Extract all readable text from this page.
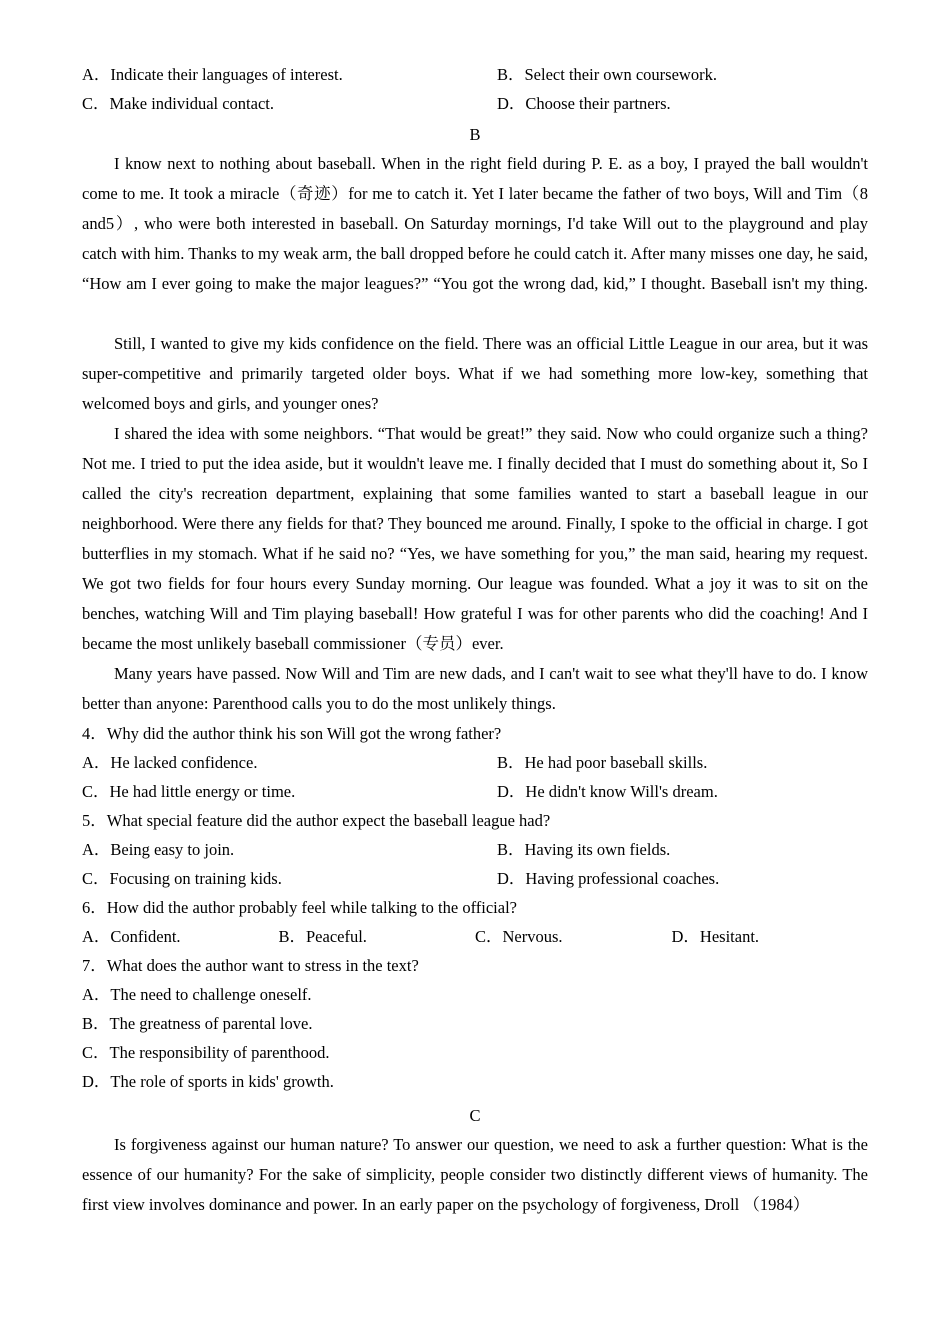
A．Indicate their languages of interest.	B．Select their own coursework.
C．Make individual contact.	D．Choose their partners.
B

I know next to nothing about baseball. When in the right field during P. E. as a boy, I prayed the ball wouldn't come to me. It took a miracle（奇迹）for me to catch it. Yet I later became the father of two boys, Will and Tim（8 and5）, who were both interested in baseball. On Saturday mornings, I'd take Will out to the playground and play catch with him. Thanks to my weak arm, the ball dropped before he could catch it. After many misses one day, he said, “How am I ever going to make the major leagues?” “You got the wrong dad, kid,” I thought. Baseball isn't my thing.

Still, I wanted to give my kids confidence on the field. There was an official Little League in our area, but it was super-competitive and primarily targeted older boys. What if we had something more low-key, something that welcomed boys and girls, and younger ones?

I shared the idea with some neighbors. “That would be great!” they said. Now who could organize such a thing? Not me. I tried to put the idea aside, but it wouldn't leave me. I finally decided that I must do something about it, So I called the city's recreation department, explaining that some families wanted to start a baseball league in our neighborhood. Were there any fields for that? They bounced me around. Finally, I spoke to the official in charge. I got butterflies in my stomach. What if he said no? “Yes, we have something for you,” the man said, hearing my request. We got two fields for four hours every Sunday morning. Our league was founded. What a joy it was to sit on the benches, watching Will and Tim playing baseball! How grateful I was for other parents who did the coaching! And I became the most unlikely baseball commissioner（专员）ever.

Many years have passed. Now Will and Tim are new dads, and I can't wait to see what they'll have to do. I know better than anyone: Parenthood calls you to do the most unlikely things.

4．Why did the author think his son Will got the wrong father?
A．He lacked confidence.	B．He had poor baseball skills.
C．He had little energy or time.	D．He didn't know Will's dream.
5．What special feature did the author expect the baseball league had?
A．Being easy to join.	B．Having its own fields.
C．Focusing on training kids.	D．Having professional coaches.
6．How did the author probably feel while talking to the official?
A．Confident.	B．Peaceful.	C．Nervous.	D．Hesitant.
7．What does the author want to stress in the text?
A．The need to challenge oneself.
B．The greatness of parental love.
C．The responsibility of parenthood.
D．The role of sports in kids' growth.
C

Is forgiveness against our human nature? To answer our question, we need to ask a further question: What is the essence of our humanity? For the sake of simplicity, people consider two distinctly different views of humanity. The first view involves dominance and power. In an early paper on the psychology of forgiveness, Droll （1984）
